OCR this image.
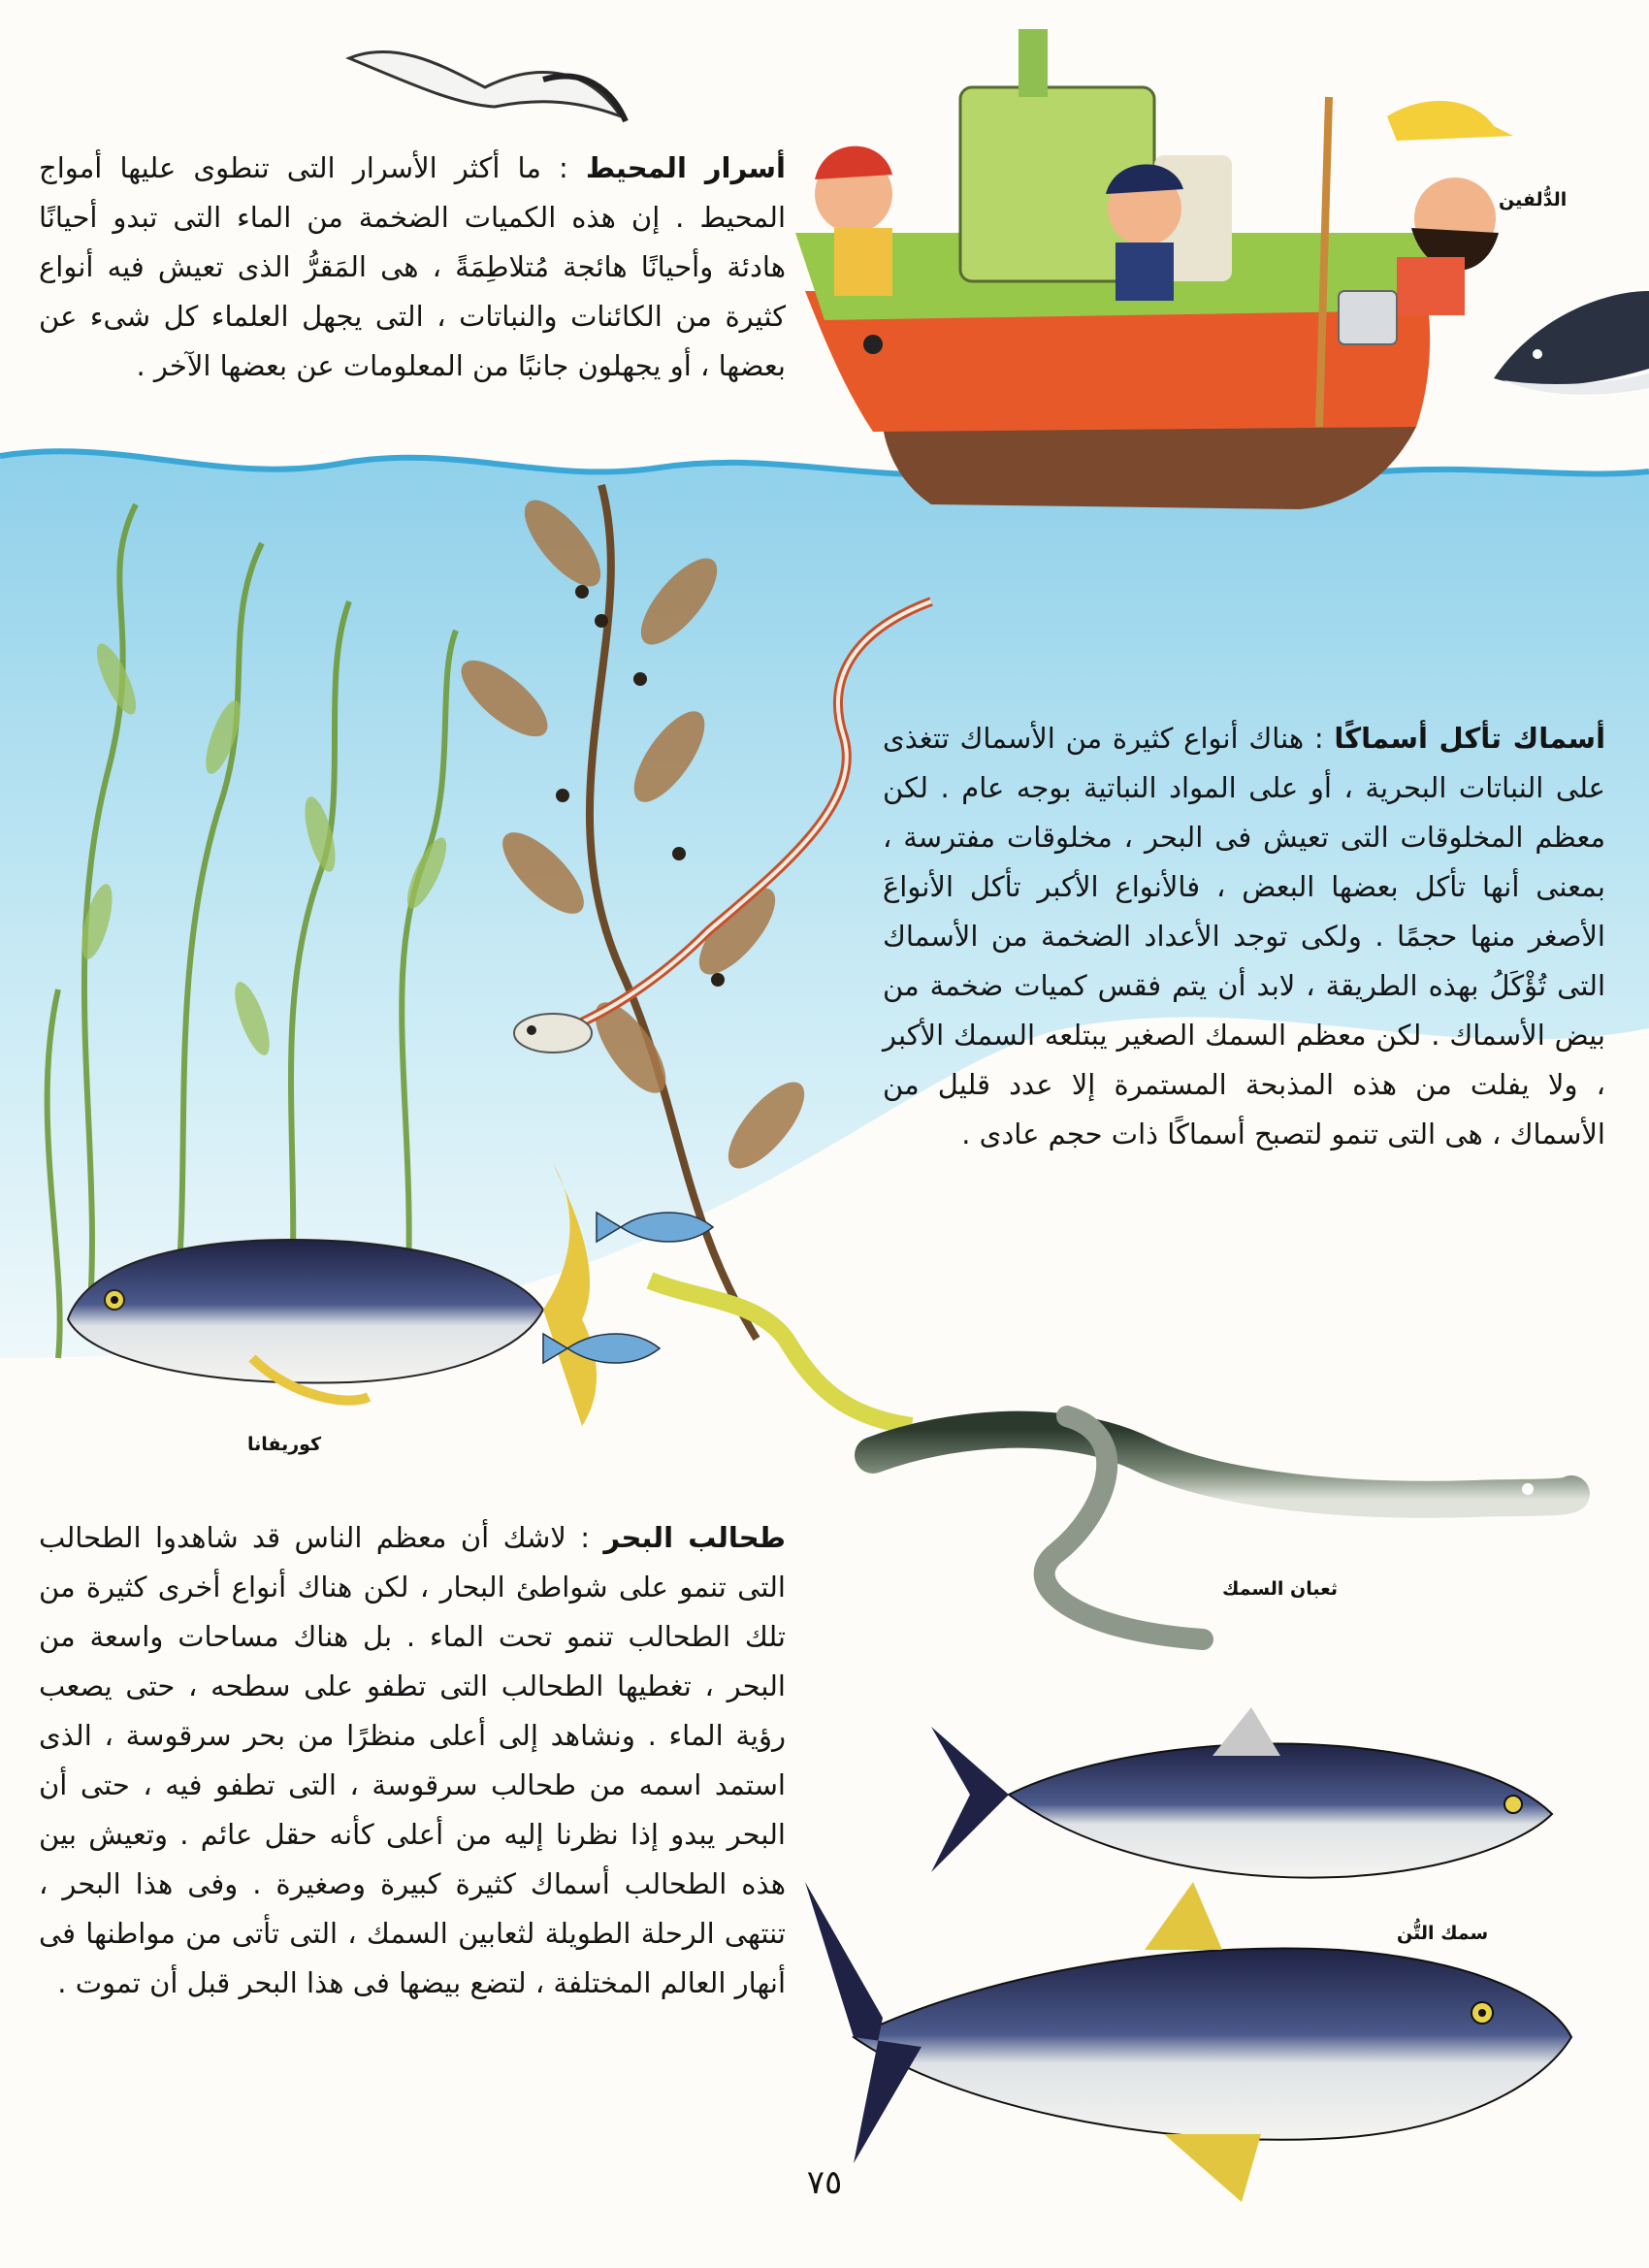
أسرار المحيط : ما أكثر الأسرار التى تنطوى عليها أمواج المحيط . إن هذه الكميات الضخمة من الماء التى تبدو أحيانًا هادئة وأحيانًا هائجة مُتلاطِمَةً ، هى المَقرُّ الذى تعيش فيه أنواع كثيرة من الكائنات والنباتات ، التى يجهل العلماء كل شىء عن بعضها ، أو يجهلون جانبًا من المعلومات عن بعضها الآخر .
أسماك تأكل أسماكًا : هناك أنواع كثيرة من الأسماك تتغذى على النباتات البحرية ، أو على المواد النباتية بوجه عام . لكن معظم المخلوقات التى تعيش فى البحر ، مخلوقات مفترسة ، بمعنى أنها تأكل بعضها البعض ، فالأنواع الأكبر تأكل الأنواعَ الأصغر منها حجمًا . ولكى توجد الأعداد الضخمة من الأسماك التى تُؤْكَلُ بهذه الطريقة ، لابد أن يتم فقس كميات ضخمة من بيض الأسماك . لكن معظم السمك الصغير يبتلعه السمك الأكبر ، ولا يفلت من هذه المذبحة المستمرة إلا عدد قليل من الأسماك ، هى التى تنمو لتصبح أسماكًا ذات حجم عادى .
طحالب البحر : لاشك أن معظم الناس قد شاهدوا الطحالب التى تنمو على شواطئ البحار ، لكن هناك أنواع أخرى كثيرة من تلك الطحالب تنمو تحت الماء . بل هناك مساحات واسعة من البحر ، تغطيها الطحالب التى تطفو على سطحه ، حتى يصعب رؤية الماء . ونشاهد إلى أعلى منظرًا من بحر سرقوسة ، الذى استمد اسمه من طحالب سرقوسة ، التى تطفو فيه ، حتى أن البحر يبدو إذا نظرنا إليه من أعلى كأنه حقل عائم . وتعيش بين هذه الطحالب أسماك كثيرة كبيرة وصغيرة . وفى هذا البحر ، تنتهى الرحلة الطويلة لثعابين السمك ، التى تأتى من مواطنها فى أنهار العالم المختلفة ، لتضع بيضها فى هذا البحر قبل أن تموت .
الدُّلفين
كوريفانا
ثعبان السمك
سمك التُّن
٧٥
